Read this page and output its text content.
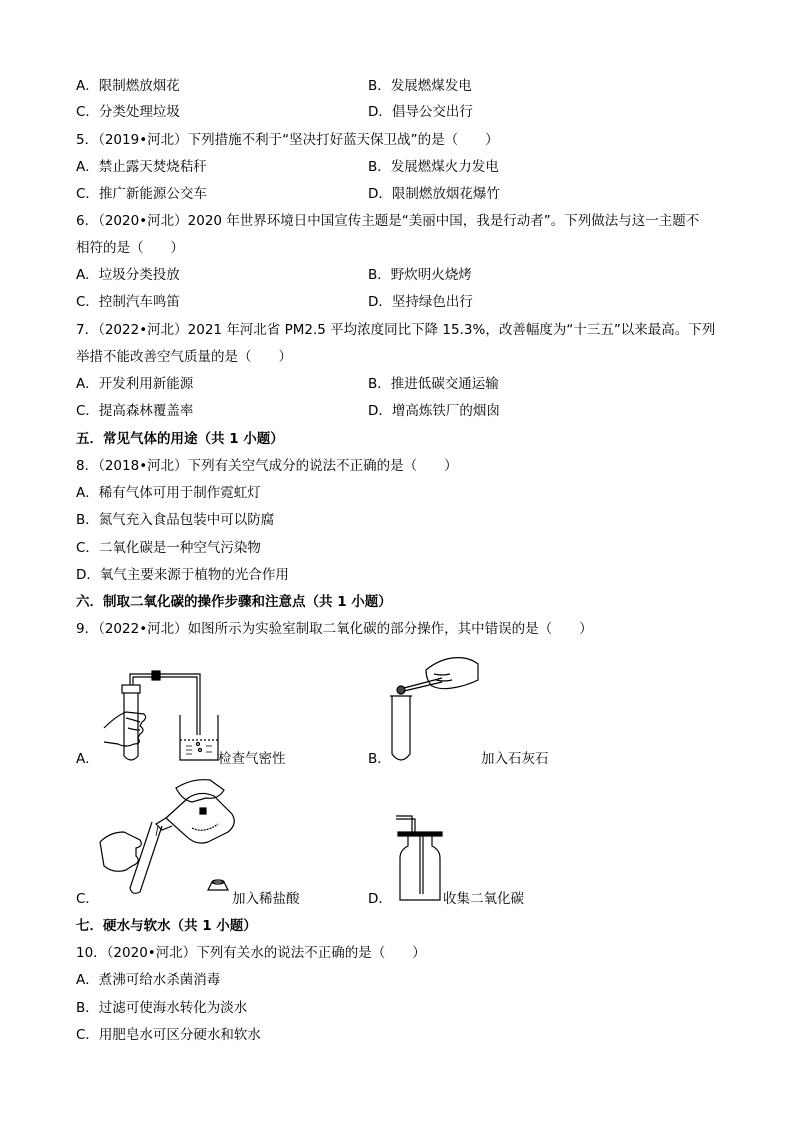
A．限制燃放烟花	B．发展燃煤发电
C．分类处理垃圾	D．倡导公交出行
5．（2019•河北）下列措施不利于“坚决打好蓝天保卫战”的是（　　）
A．禁止露天焚烧秸秆	B．发展燃煤火力发电
C．推广新能源公交车	D．限制燃放烟花爆竹
6．（2020•河北）2020 年世界环境日中国宣传主题是“美丽中国，我是行动者”。下列做法与这一主题不
相符的是（　　）
A．垃圾分类投放	B．野炊明火烧烤
C．控制汽车鸣笛	D．坚持绿色出行
7．（2022•河北）2021 年河北省 PM2.5 平均浓度同比下降 15.3%，改善幅度为“十三五”以来最高。下列
举措不能改善空气质量的是（　　）
A．开发利用新能源	B．推进低碳交通运输
C．提高森林覆盖率	D．增高炼铁厂的烟囱
五．常见气体的用途（共 1 小题）
8．（2018•河北）下列有关空气成分的说法不正确的是（　　）
A．稀有气体可用于制作霓虹灯
B．氮气充入食品包装中可以防腐
C．二氧化碳是一种空气污染物
D．氧气主要来源于植物的光合作用
六．制取二氧化碳的操作步骤和注意点（共 1 小题）
9．（2022•河北）如图所示为实验室制取二氧化碳的部分操作，其中错误的是（　　）
A．	检查气密性	B．	加入石灰石
C．	加入稀盐酸	D．	收集二氧化碳
七．硬水与软水（共 1 小题）
10．（2020•河北）下列有关水的说法不正确的是（　　）
A．煮沸可给水杀菌消毒
B．过滤可使海水转化为淡水
C．用肥皂水可区分硬水和软水
